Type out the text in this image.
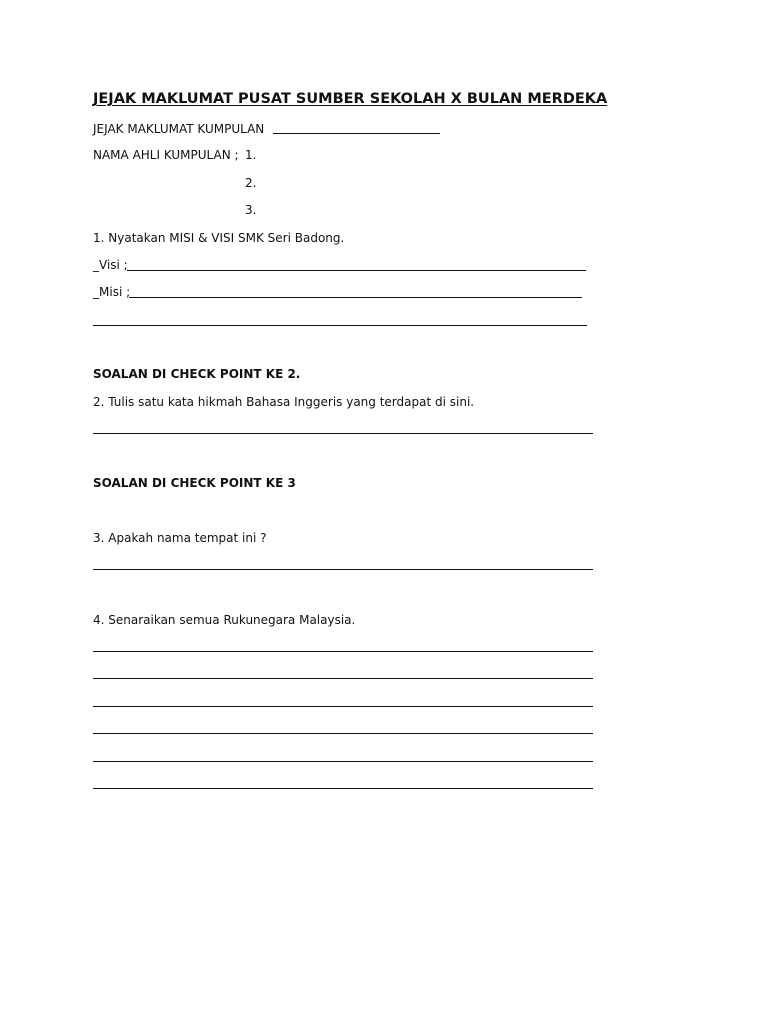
JEJAK MAKLUMAT PUSAT SUMBER SEKOLAH X BULAN MERDEKA
JEJAK MAKLUMAT KUMPULAN
NAMA AHLI KUMPULAN ; 1.
2.
3.
1. Nyatakan MISI & VISI SMK Seri Badong.
_Visi ;
_Misi ;
SOALAN DI CHECK POINT KE 2.
2. Tulis satu kata hikmah Bahasa Inggeris yang terdapat di sini.
SOALAN DI CHECK POINT KE 3
3. Apakah nama tempat ini ?
4. Senaraikan semua Rukunegara Malaysia.
